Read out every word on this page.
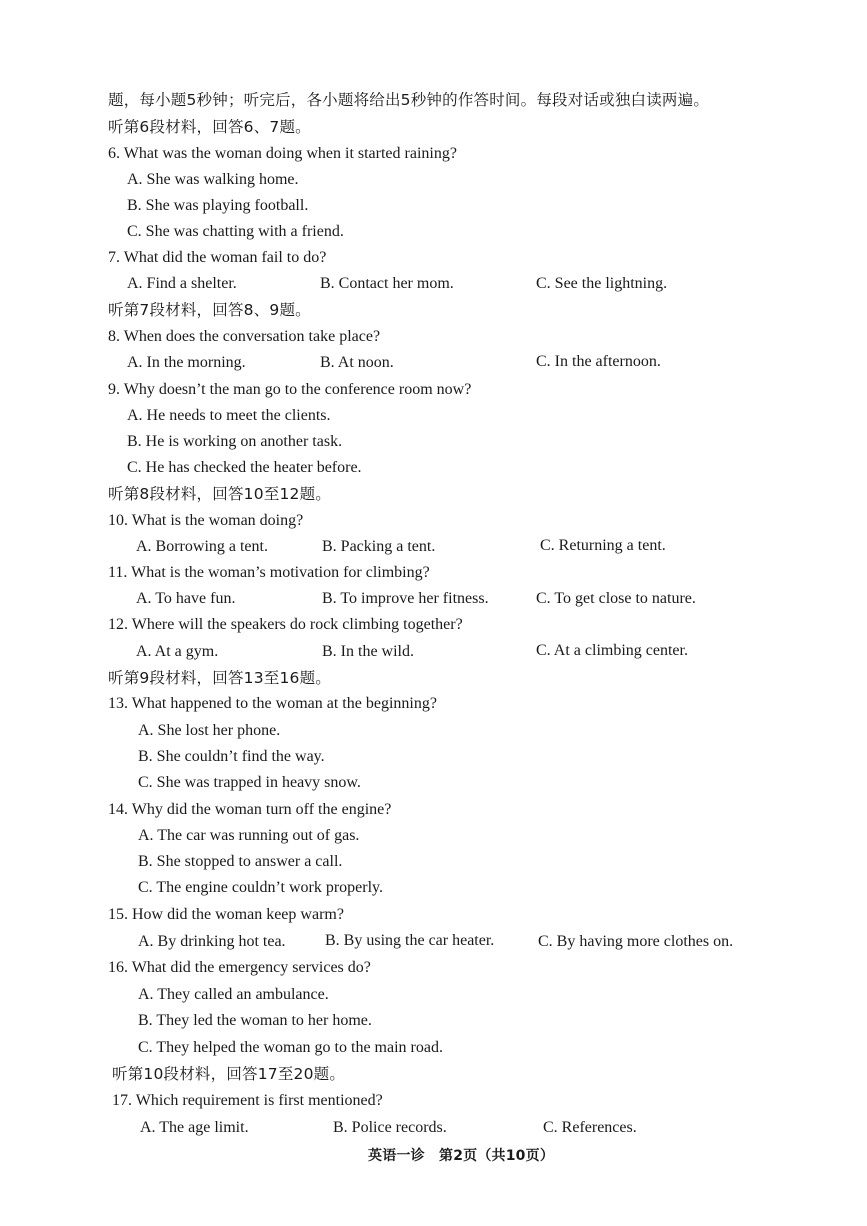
题，每小题5秒钟；听完后，各小题将给出5秒钟的作答时间。每段对话或独白读两遍。
听第6段材料，回答6、7题。
6. What was the woman doing when it started raining?
A. She was walking home.
B. She was playing football.
C. She was chatting with a friend.
7. What did the woman fail to do?
A. Find a shelter.	B. Contact her mom.	C. See the lightning.
听第7段材料，回答8、9题。
8. When does the conversation take place?
A. In the morning.	B. At noon.	C. In the afternoon.
9. Why doesn’t the man go to the conference room now?
A. He needs to meet the clients.
B. He is working on another task.
C. He has checked the heater before.
听第8段材料，回答10至12题。
10. What is the woman doing?
A. Borrowing a tent.	B. Packing a tent.	C. Returning a tent.
11. What is the woman’s motivation for climbing?
A. To have fun.	B. To improve her fitness.	C. To get close to nature.
12. Where will the speakers do rock climbing together?
A. At a gym.	B. In the wild.	C. At a climbing center.
听第9段材料，回答13至16题。
13. What happened to the woman at the beginning?
A. She lost her phone.
B. She couldn’t find the way.
C. She was trapped in heavy snow.
14. Why did the woman turn off the engine?
A. The car was running out of gas.
B. She stopped to answer a call.
C. The engine couldn’t work properly.
15. How did the woman keep warm?
A. By drinking hot tea. B. By using the car heater.	C. By having more clothes on.
16. What did the emergency services do?
A. They called an ambulance.
B. They led the woman to her home.
C. They helped the woman go to the main road.
听第10段材料，回答17至20题。
17. Which requirement is first mentioned?
A. The age limit.	B. Police records.	C. References.
英语一诊　第2页（共10页）
